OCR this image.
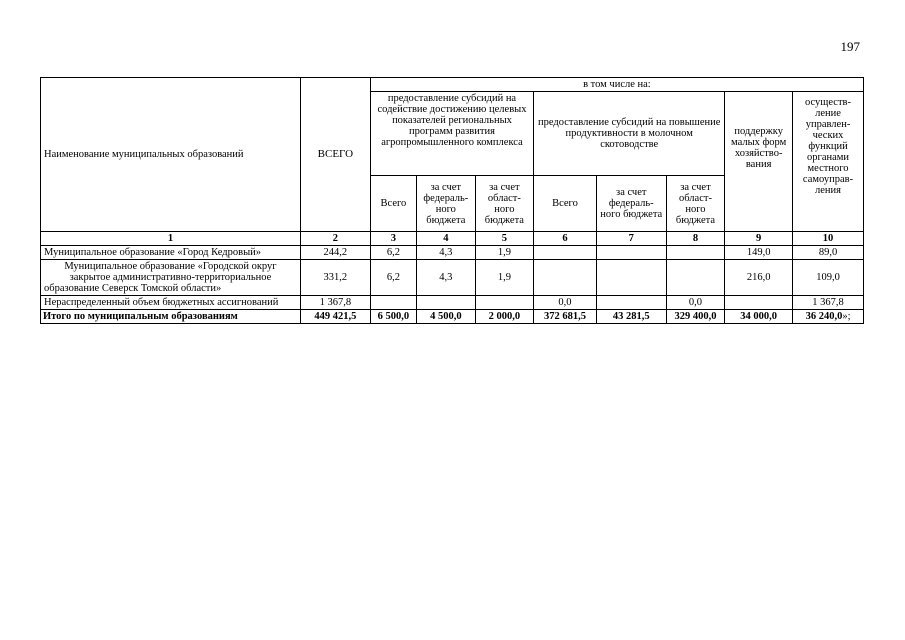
197
Наименование муниципальных образований	ВСЕГО	в том числе на:							
		предоставление субсидий на содействие достижению целевых показателей региональных программ развития агропромышленного комплекса			предоставление субсидий на повышение продуктивности в молочном скотоводстве			поддержку малых форм хозяйство-вания	осуществ-ление управлен-ческих функций органами местного самоуправ-ления
		Всего	за счет федераль-ного бюджета	за счет област-ного бюджета	Всего	за счет федераль-ного бюджета	за счет област-ного бюджета		
1	2	3	4	5	6	7	8	9	10
Муниципальное образование «Город Кедровый»	244,2	6,2	4,3	1,9				149,0	89,0
Муниципальное образование «Городской округ закрытое административно-территориальное образование Северск Томской области»	331,2	6,2	4,3	1,9				216,0	109,0
Нераспределенный объем бюджетных ассигнований	1 367,8				0,0		0,0		1 367,8
Итого по муниципальным образованиям	449 421,5	6 500,0	4 500,0	2 000,0	372 681,5	43 281,5	329 400,0	34 000,0	36 240,0»;
